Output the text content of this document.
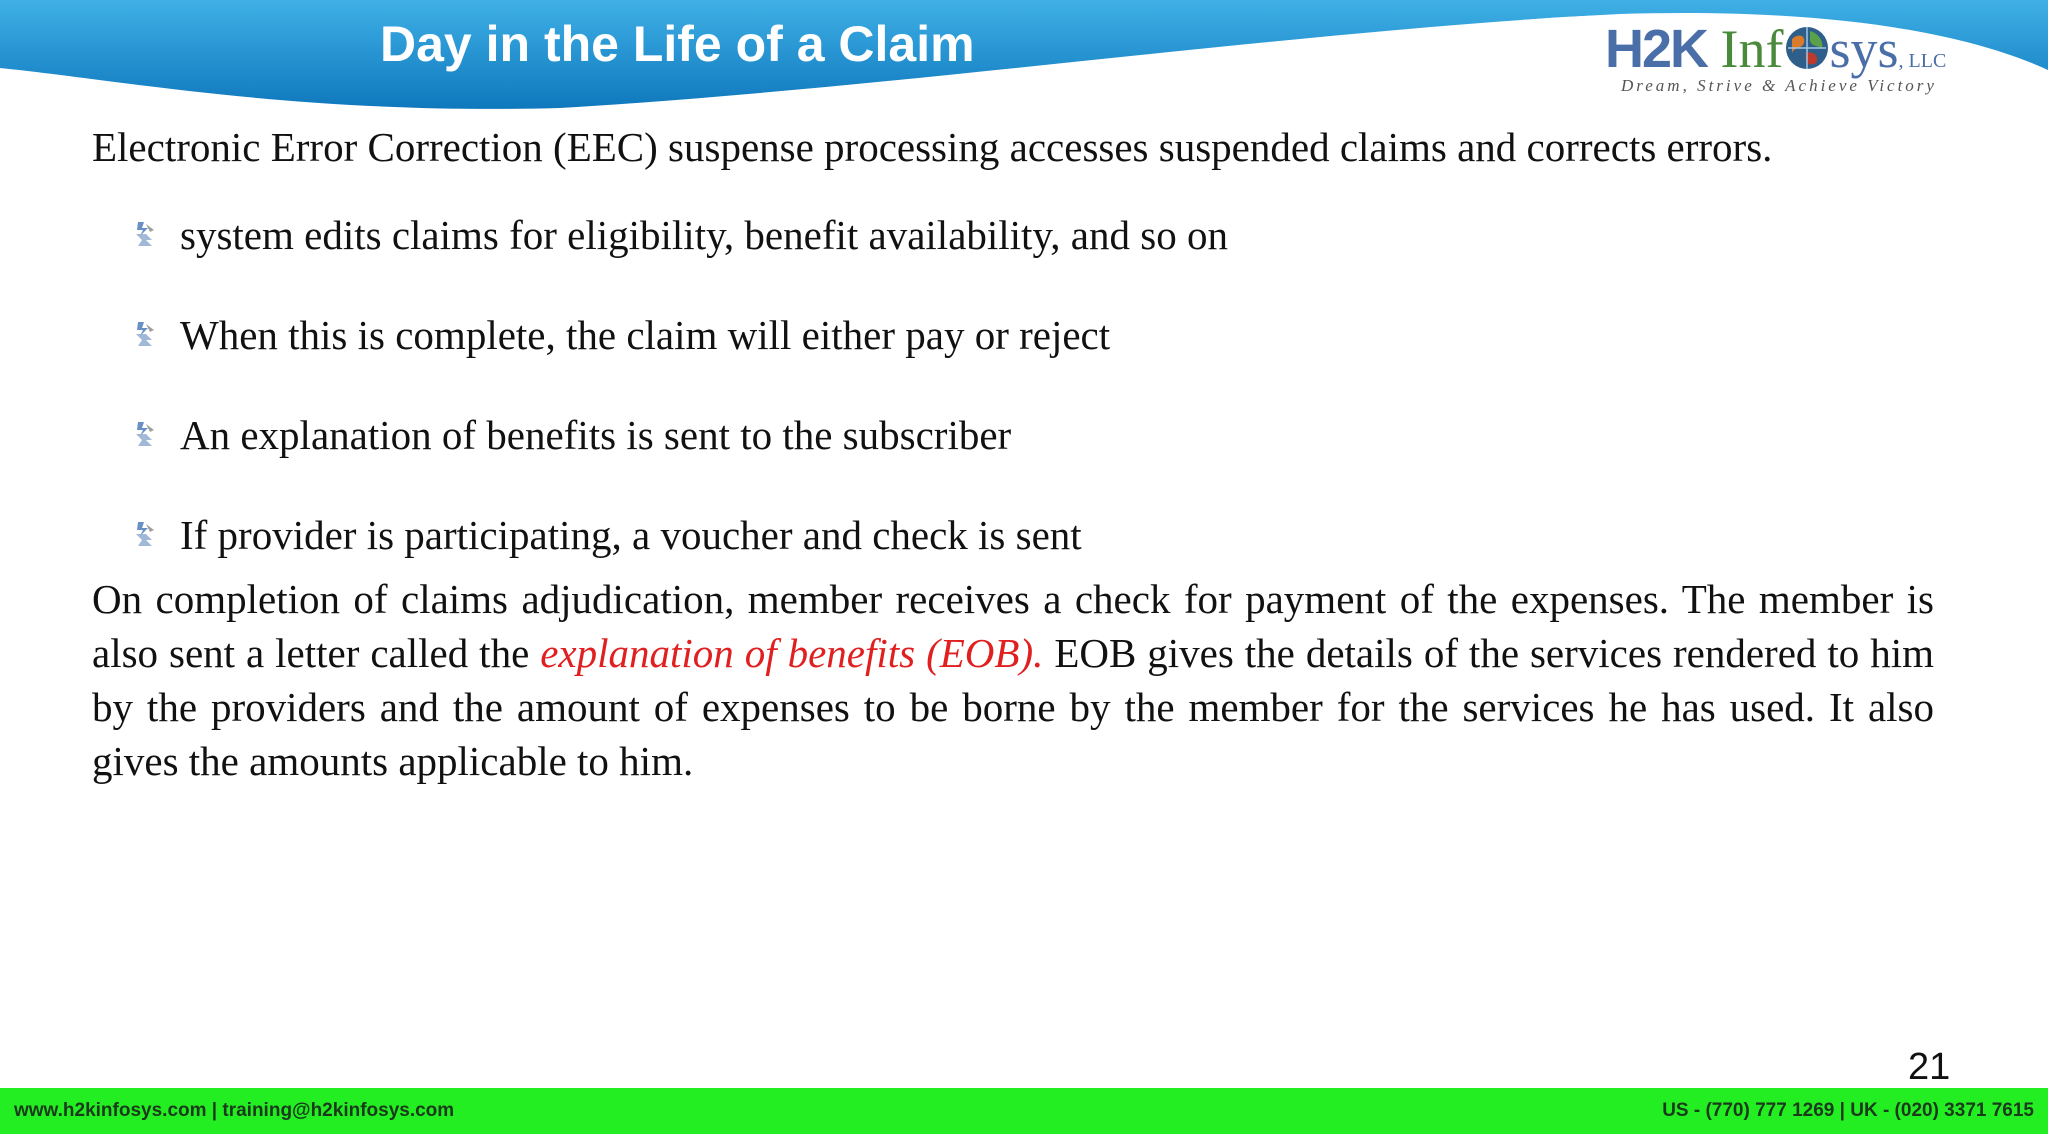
Day in the Life of a Claim	H2K Inf sys, LLC
Dream, Strive & Achieve Victory

Electronic Error Correction (EEC) suspense processing accesses suspended claims and corrects errors.

system edits claims for eligibility, benefit availability, and so on
When this is complete, the claim will either pay or reject
An explanation of benefits is sent to the subscriber
If provider is participating, a voucher and check is sent

On completion of claims adjudication, member receives a check for payment of the expenses. The member is also sent a letter called the explanation of benefits (EOB). EOB gives the details of the services rendered to him by the providers and the amount of expenses to be borne by the member for the services he has used. It also gives the amounts applicable to him.

21
www.h2kinfosys.com | training@h2kinfosys.com	US - (770) 777 1269 | UK - (020) 3371 7615
